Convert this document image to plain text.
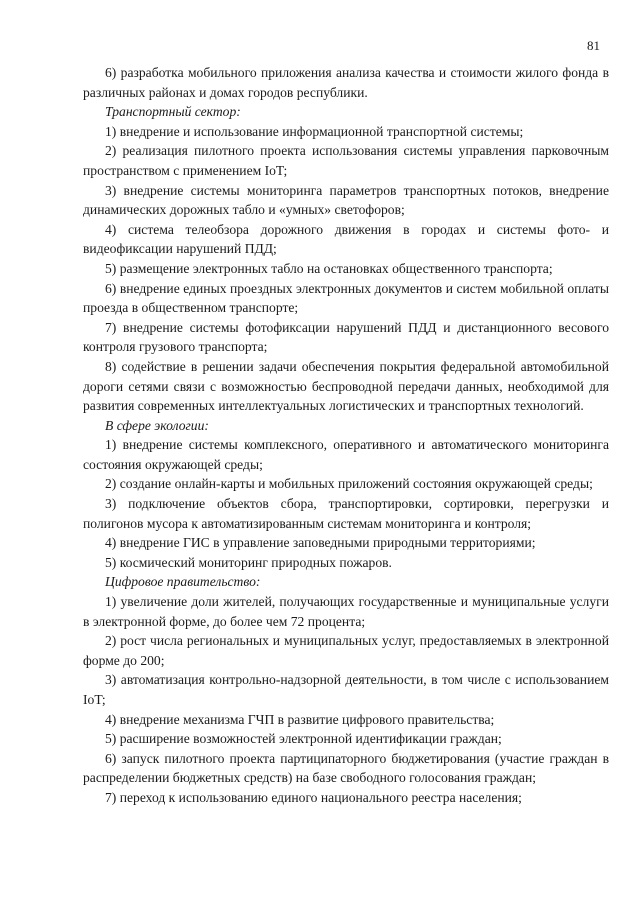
81

6) разработка мобильного приложения анализа качества и стоимости жилого фонда в различных районах и домах городов республики.

Транспортный сектор:

1) внедрение и использование информационной транспортной системы;

2) реализация пилотного проекта использования системы управления парковочным пространством с применением IoT;

3) внедрение системы мониторинга параметров транспортных потоков, внедрение динамических дорожных табло и «умных» светофоров;

4) система телеобзора дорожного движения в городах и системы фото- и видеофиксации нарушений ПДД;

5) размещение электронных табло на остановках общественного транспорта;

6) внедрение единых проездных электронных документов и систем мобильной оплаты проезда в общественном транспорте;

7) внедрение системы фотофиксации нарушений ПДД и дистанционного весового контроля грузового транспорта;

8) содействие в решении задачи обеспечения покрытия федеральной автомобильной дороги сетями связи с возможностью беспроводной передачи данных, необходимой для развития современных интеллектуальных логистических и транспортных технологий.

В сфере экологии:

1) внедрение системы комплексного, оперативного и автоматического мониторинга состояния окружающей среды;

2) создание онлайн-карты и мобильных приложений состояния окружающей среды;

3) подключение объектов сбора, транспортировки, сортировки, перегрузки и полигонов мусора к автоматизированным системам мониторинга и контроля;

4) внедрение ГИС в управление заповедными природными территориями;

5) космический мониторинг природных пожаров.

Цифровое правительство:

1) увеличение доли жителей, получающих государственные и муниципальные услуги в электронной форме, до более чем 72 процента;

2) рост числа региональных и муниципальных услуг, предоставляемых в электронной форме до 200;

3) автоматизация контрольно-надзорной деятельности, в том числе с использованием IoT;

4) внедрение механизма ГЧП в развитие цифрового правительства;

5) расширение возможностей электронной идентификации граждан;

6) запуск пилотного проекта партиципаторного бюджетирования (участие граждан в распределении бюджетных средств) на базе свободного голосования граждан;

7) переход к использованию единого национального реестра населения;
